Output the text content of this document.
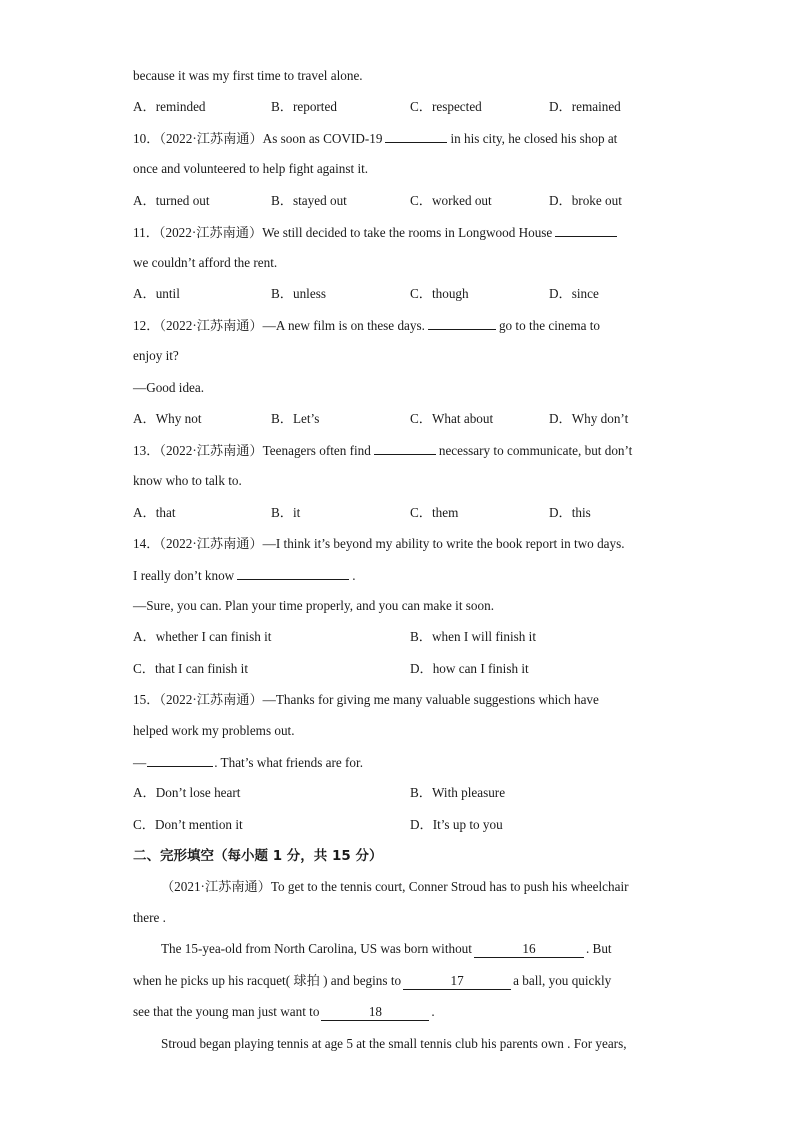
because it was my first time to travel alone.
A．reminded	B．reported	C．respected	D．remained
10．（2022·江苏南通）As soon as COVID-19	in his city, he closed his shop at
once and volunteered to help fight against it.
A．turned out	B．stayed out	C．worked out	D．broke out
11．（2022·江苏南通）We still decided to take the rooms in Longwood House
we couldn’t afford the rent.
A．until	B．unless	C．though	D．since
12．（2022·江苏南通）—A new film is on these days.	go to the cinema to
enjoy it?
—Good idea.
A．Why not	B．Let’s	C．What about	D．Why don’t
13．（2022·江苏南通）Teenagers often find	necessary to communicate, but don’t
know who to talk to.
A．that	B．it	C．them	D．this
14．（2022·江苏南通）—I think it’s beyond my ability to write the book report in two days.
I really don’t know	.
—Sure, you can. Plan your time properly, and you can make it soon.
A．whether I can finish it	B．when I will finish it
C．that I can finish it	D．how can I finish it
15．（2022·江苏南通）—Thanks for giving me many valuable suggestions which have
helped work my problems out.
—	. That’s what friends are for.
A．Don’t lose heart	B．With pleasure
C．Don’t mention it	D．It’s up to you
二、完形填空（每小题 1 分，共 15 分）
（2021·江苏南通）To get to the tennis court, Conner Stroud has to push his wheelchair
there .
The 15-yea-old from North Carolina, US was born without	16	. But
when he picks up his racquet( 球拍 ) and begins to	17	a ball, you quickly
see that the young man just want to	18	.
Stroud began playing tennis at age 5 at the small tennis club his parents own . For years,
